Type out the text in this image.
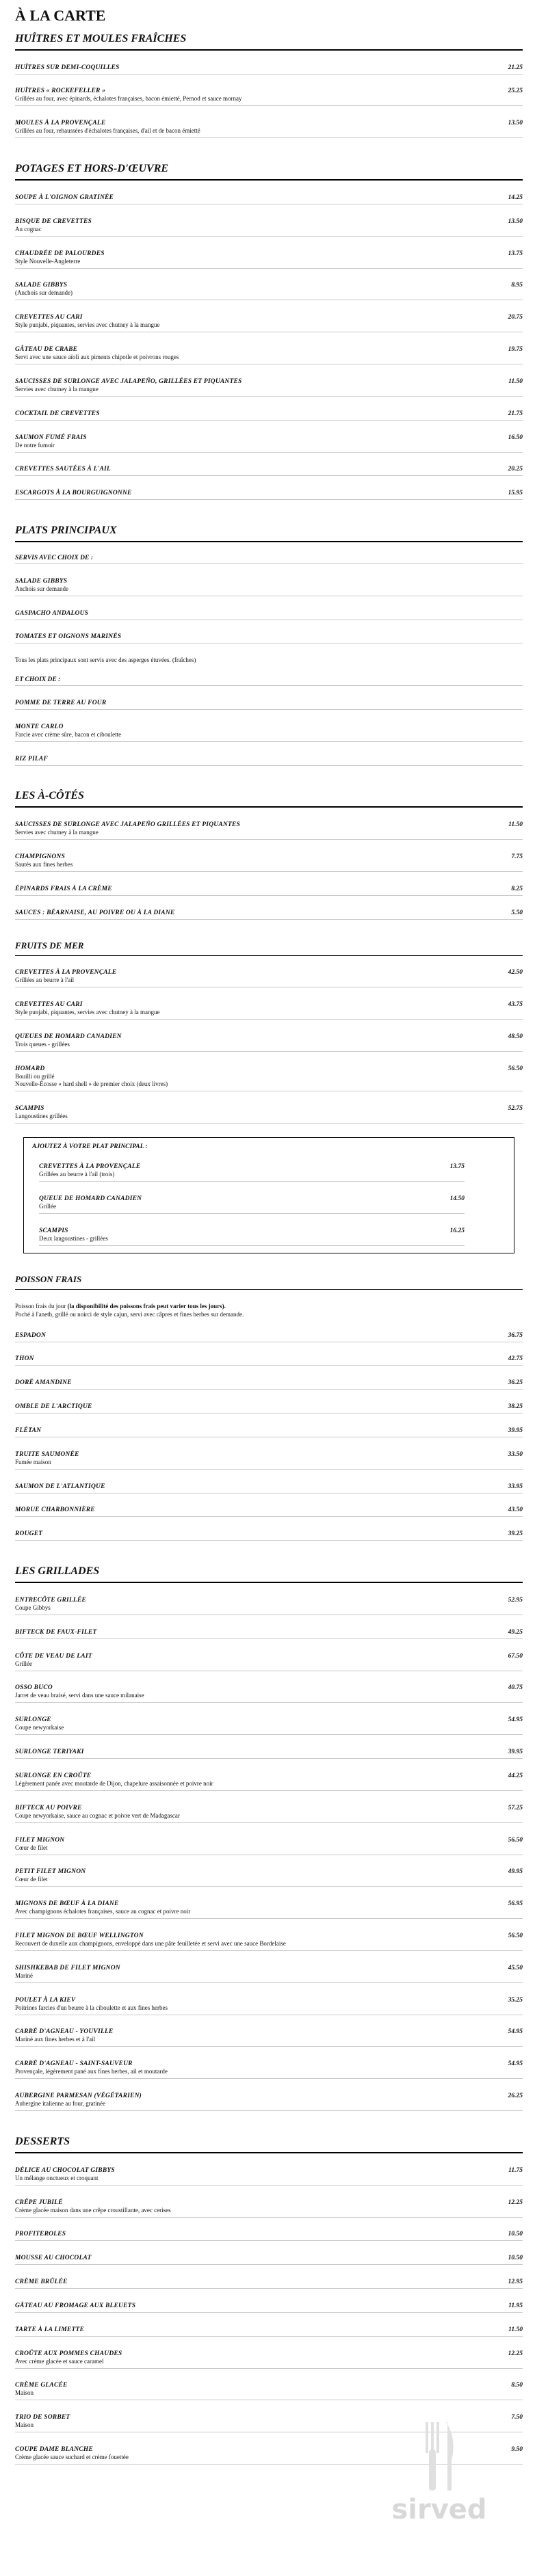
À LA CARTE
HUÎTRES ET MOULES FRAÎCHES
HUÎTRES SUR DEMI-COQUILLES	21.25
HUÎTRES « ROCKEFELLER »	25.25
Grillées au four, avec épinards, échalotes françaises, bacon émietté, Pernod et sauce mornay
MOULES À LA PROVENÇALE	13.50
Grillées au four, rehaussées d'échalotes françaises, d'ail et de bacon émietté
POTAGES ET HORS-D'ŒUVRE
SOUPE À L'OIGNON GRATINÉE	14.25
BISQUE DE CREVETTES	13.50
Au cognac
CHAUDRÉE DE PALOURDES	13.75
Style Nouvelle-Angleterre
SALADE GIBBYS	8.95
(Anchois sur demande)
CREVETTES AU CARI	20.75
Style punjabi, piquantes, servies avec chutney à la mangue
GÂTEAU DE CRABE	19.75
Servi avec une sauce aïoli aux piments chipotle et poivrons rouges
SAUCISSES DE SURLONGE AVEC JALAPEÑO, GRILLÉES ET PIQUANTES	11.50
Servies avec chutney à la mangue
COCKTAIL DE CREVETTES	21.75
SAUMON FUMÉ FRAIS	16.50
De notre fumoir
CREVETTES SAUTÉES À L'AIL	20.25
ESCARGOTS À LA BOURGUIGNONNE	15.95
PLATS PRINCIPAUX
SERVIS AVEC CHOIX DE :
SALADE GIBBYS
Anchois sur demande
GASPACHO ANDALOUS
TOMATES ET OIGNONS MARINÉS
Tous les plats principaux sont servis avec des asperges étuvées. (fraîches)
ET CHOIX DE :
POMME DE TERRE AU FOUR
MONTE CARLO
Farcie avec crème sûre, bacon et ciboulette
RIZ PILAF
LES À-CÔTÉS
SAUCISSES DE SURLONGE AVEC JALAPEÑO GRILLÉES ET PIQUANTES	11.50
Servies avec chutney à la mangue
CHAMPIGNONS	7.75
Sautés aux fines herbes
ÉPINARDS FRAIS À LA CRÈME	8.25
SAUCES : BÉARNAISE, AU POIVRE OU À LA DIANE	5.50
FRUITS DE MER
CREVETTES À LA PROVENÇALE	42.50
Grillées au beurre à l'ail
CREVETTES AU CARI	43.75
Style punjabi, piquantes, servies avec chutney à la mangue
QUEUES DE HOMARD CANADIEN	48.50
Trois queues - grillées
HOMARD	56.50
Bouilli ou grillé
Nouvelle-Écosse « hard shell » de premier choix (deux livres)
SCAMPIS	52.75
Langoustines grillées
AJOUTEZ À VOTRE PLAT PRINCIPAL :
CREVETTES À LA PROVENÇALE	13.75
Grillées au beurre à l'ail (trois)
QUEUE DE HOMARD CANADIEN	14.50
Grillée
SCAMPIS	16.25
Deux langoustines - grillées
POISSON FRAIS
Poisson frais du jour (la disponibilité des poissons frais peut varier tous les jours).
Poché à l'aneth, grillé ou noirci de style cajun, servi avec câpres et fines herbes sur demande.
ESPADON	36.75
THON	42.75
DORÉ AMANDINE	36.25
OMBLE DE L'ARCTIQUE	38.25
FLÉTAN	39.95
TRUITE SAUMONÉE	33.50
Fumée maison
SAUMON DE L'ATLANTIQUE	33.95
MORUE CHARBONNIÈRE	43.50
ROUGET	39.25
LES GRILLADES
ENTRECÔTE GRILLÉE	52.95
Coupe Gibbys
BIFTECK DE FAUX-FILET	49.25
CÔTE DE VEAU DE LAIT	67.50
Grillée
OSSO BUCO	40.75
Jarret de veau braisé, servi dans une sauce milanaise
SURLONGE	54.95
Coupe newyorkaise
SURLONGE TERIYAKI	39.95
SURLONGE EN CROÛTE	44.25
Légèrement panée avec moutarde de Dijon, chapelure assaisonnée et poivre noir
BIFTECK AU POIVRE	57.25
Coupe newyorkaise, sauce au cognac et poivre vert de Madagascar
FILET MIGNON	56.50
Cœur de filet
PETIT FILET MIGNON	49.95
Cœur de filet
MIGNONS DE BŒUF À LA DIANE	56.95
Avec champignons échalotes françaises, sauce au cognac et poivre noir
FILET MIGNON DE BŒUF WELLINGTON	56.50
Recouvert de duxelle aux champignons, enveloppé dans une pâte feuilletée et servi avec une sauce Bordelaise
SHISHKEBAB DE FILET MIGNON	45.50
Mariné
POULET À LA KIEV	35.25
Poitrines farcies d'un beurre à la ciboulette et aux fines herbes
CARRÉ D'AGNEAU - YOUVILLE	54.95
Mariné aux fines herbes et à l'ail
CARRÉ D'AGNEAU - SAINT-SAUVEUR	54.95
Provençale, légèrement pané aux fines herbes, ail et moutarde
AUBERGINE PARMESAN (VÉGÉTARIEN)	26.25
Aubergine italienne au four, gratinée
DESSERTS
DÉLICE AU CHOCOLAT GIBBYS	11.75
Un mélange onctueux et croquant
CRÊPE JUBILÉ	12.25
Crème glacée maison dans une crêpe croustillante, avec cerises
PROFITEROLES	10.50
MOUSSE AU CHOCOLAT	10.50
CRÈME BRÛLÉE	12.95
GÂTEAU AU FROMAGE AUX BLEUETS	11.95
TARTE À LA LIMETTE	11.50
CROÛTE AUX POMMES CHAUDES	12.25
Avec crème glacée et sauce caramel
CRÈME GLACÉE	8.50
Maison
TRIO DE SORBET	7.50
Maison
COUPE DAME BLANCHE	9.50
Crème glacée sauce suchard et crème fouettée
sirved
